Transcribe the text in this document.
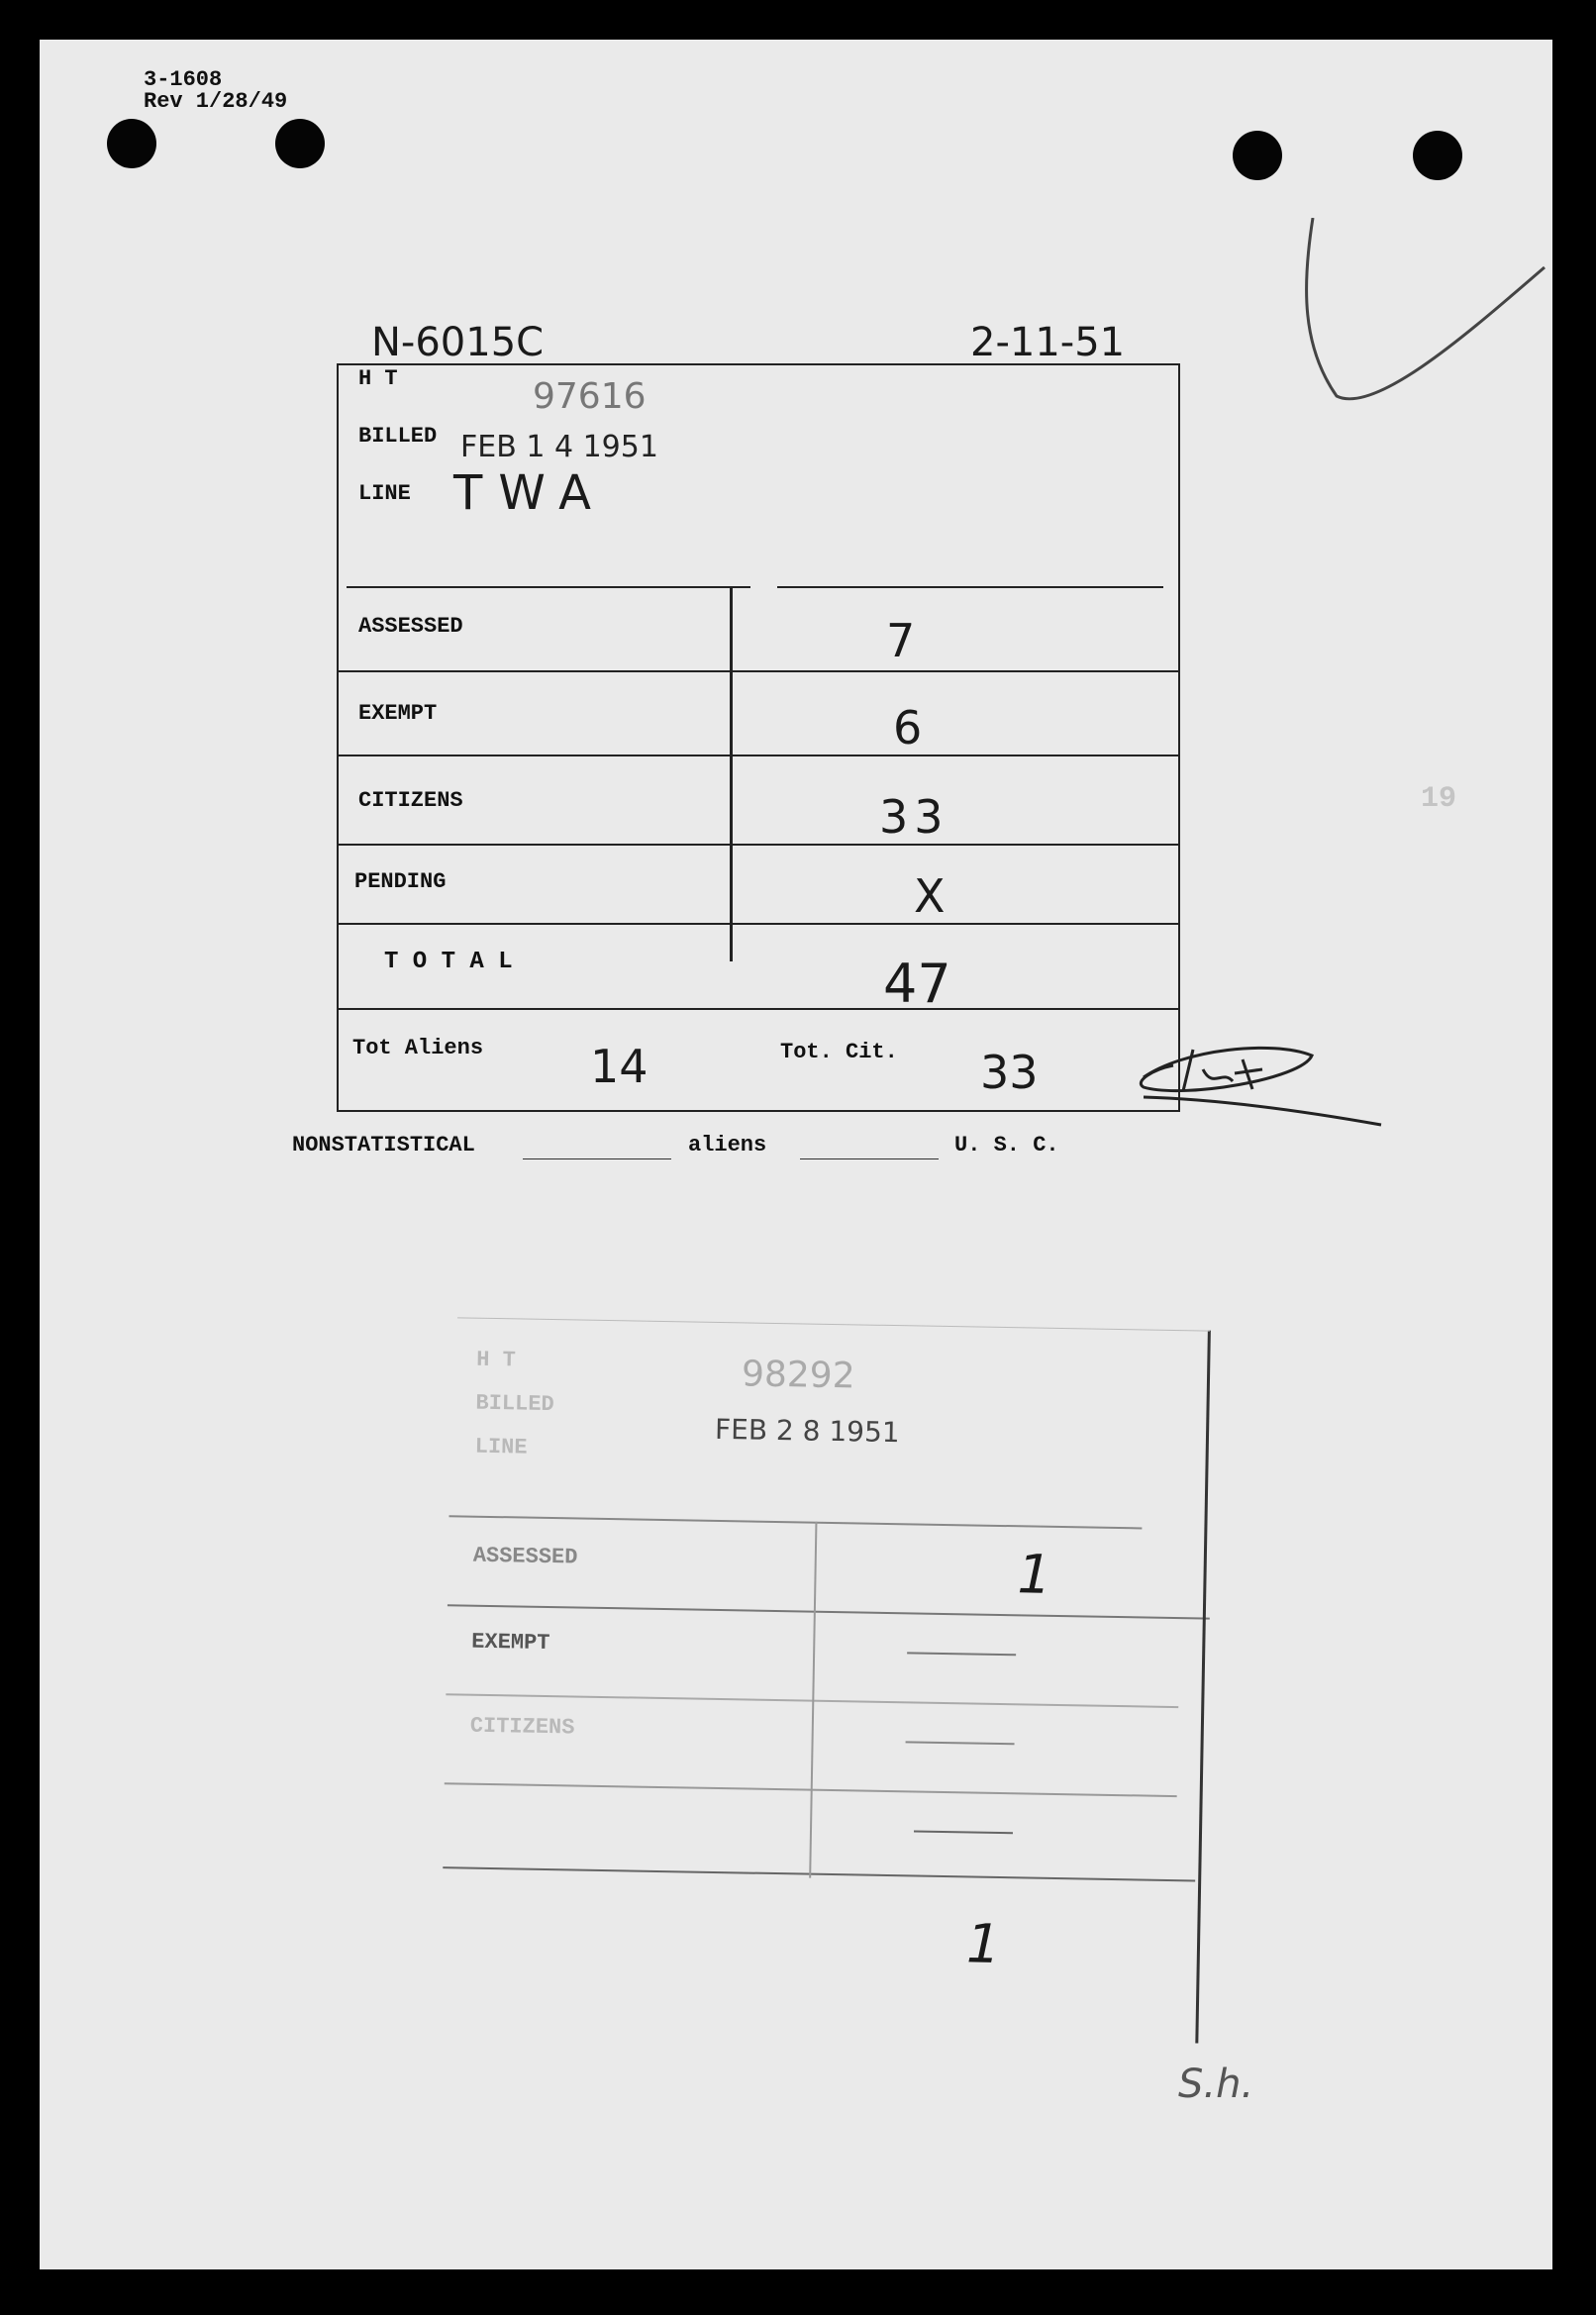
3-1608
Rev 1/28/49
N-6015C	2-11-51
H T	97616
BILLED FEB 1 4 1951
LINE TWA
ASSESSED	7
EXEMPT	6
CITIZENS	33
PENDING	X
T O T A L	47
Tot Aliens 14	Tot. Cit. 33
NONSTATISTICAL	aliens	U. S. C.
19
H T	98292
BILLED
FEB 2 8 1951
LINE
ASSESSED	1
EXEMPT
CITIZENS
1
S.h.
